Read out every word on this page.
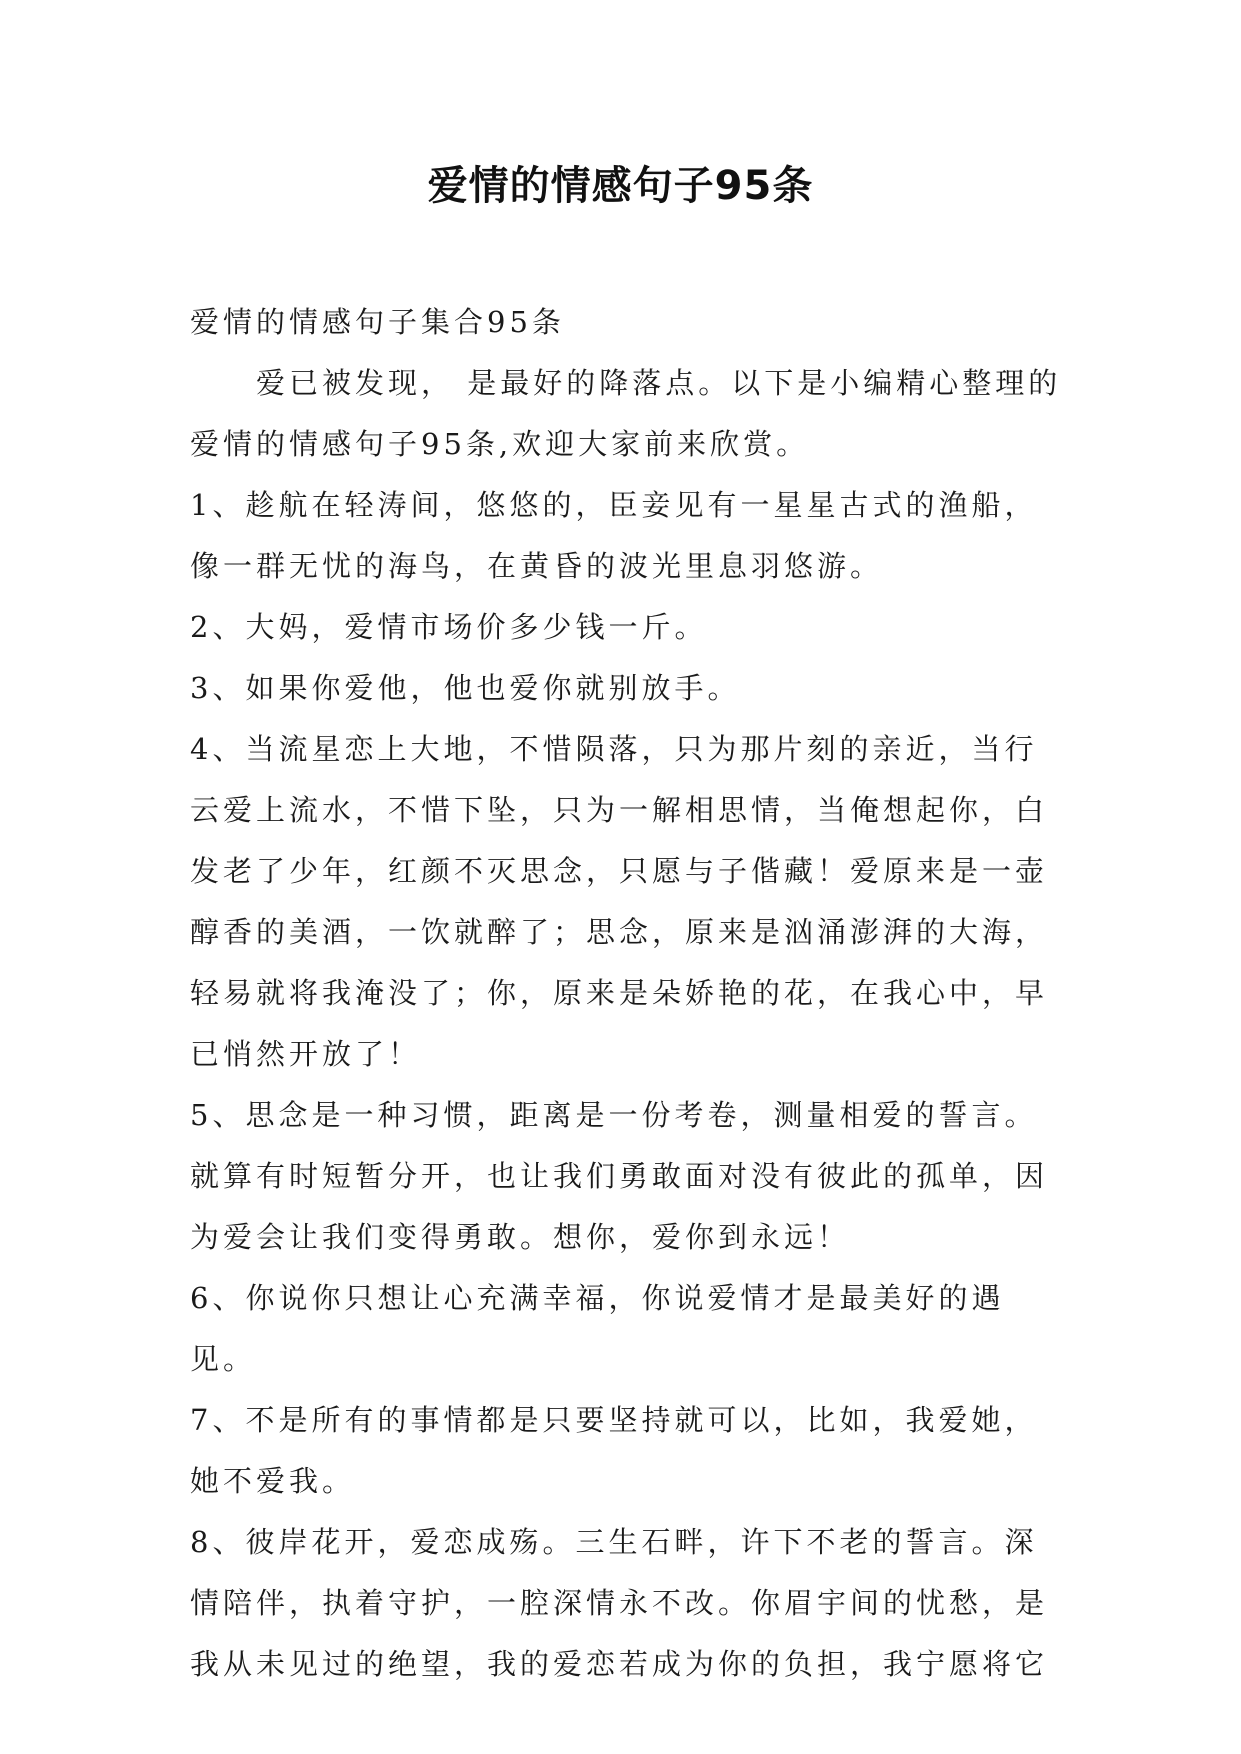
爱情的情感句子95条

爱情的情感句子集合95条

爱已被发现， 是最好的降落点。以下是小编精心整理的爱情的情感句子95条,欢迎大家前来欣赏。

1、趁航在轻涛间，悠悠的，臣妾见有一星星古式的渔船，像一群无忧的海鸟，在黄昏的波光里息羽悠游。

2、大妈，爱情市场价多少钱一斤。

3、如果你爱他，他也爱你就别放手。

4、当流星恋上大地，不惜陨落，只为那片刻的亲近，当行云爱上流水，不惜下坠，只为一解相思情，当俺想起你，白发老了少年，红颜不灭思念，只愿与子偕藏！爱原来是一壶醇香的美酒，一饮就醉了；思念，原来是汹涌澎湃的大海，轻易就将我淹没了；你，原来是朵娇艳的花，在我心中，早已悄然开放了！

5、思念是一种习惯，距离是一份考卷，测量相爱的誓言。就算有时短暂分开，也让我们勇敢面对没有彼此的孤单，因为爱会让我们变得勇敢。想你，爱你到永远！

6、你说你只想让心充满幸福，你说爱情才是最美好的遇见。

7、不是所有的事情都是只要坚持就可以，比如，我爱她，她不爱我。

8、彼岸花开，爱恋成殇。三生石畔，许下不老的誓言。深情陪伴，执着守护，一腔深情永不改。你眉宇间的忧愁，是我从未见过的绝望，我的爱恋若成为你的负担，我宁愿将它
